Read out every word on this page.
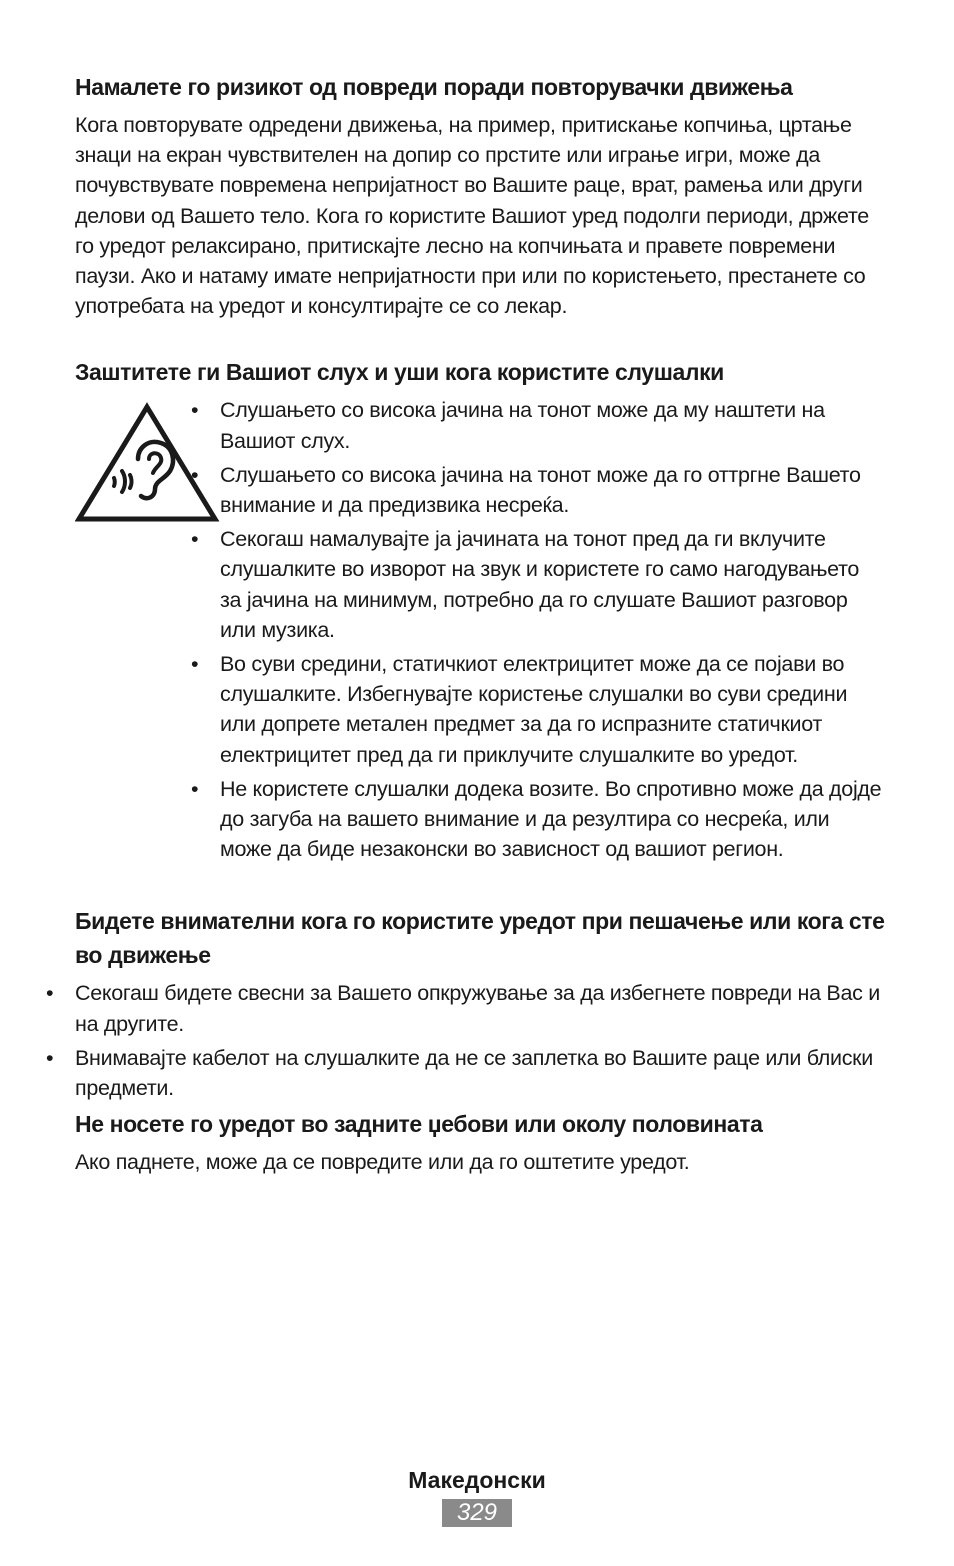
Намалете го ризикот од повреди поради повторувачки движења

Кога повторувате одредени движења, на пример, притискање копчиња, цртање знаци на екран чувствителен на допир со прстите или играње игри, може да почувствувате повремена непријатност во Вашите раце, врат, рамења или други делови од Вашето тело. Кога го користите Вашиот уред подолги периоди, држете го уредот релаксирано, притискајте лесно на копчињата и правете повремени паузи. Ако и натаму имате непријатности при или по користењето, престанете со употребата на уредот и консултирајте се со лекар.

Заштитете ги Вашиот слух и уши кога користите слушалки
• Слушањето со висока јачина на тонот може да му наштети на Вашиот слух.
• Слушањето со висока јачина на тонот може да го оттргне Вашето внимание и да предизвика несреќа.
• Секогаш намалувајте ја јачината на тонот пред да ги вклучите слушалките во изворот на звук и користете го само нагодувањето за јачина на минимум, потребно да го слушате Вашиот разговор или музика.
• Во суви средини, статичкиот електрицитет може да се појави во слушалките. Избегнувајте користење слушалки во суви средини или допрете метален предмет за да го испразните статичкиот електрицитет пред да ги приклучите слушалките во уредот.
• Не користете слушалки додека возите. Во спротивно може да дојде до загуба на вашето внимание и да резултира со несреќа, или може да биде незаконски во зависност од вашиот регион.
Бидете внимателни кога го користите уредот при пешачење или кога сте во движење
• Секогаш бидете свесни за Вашето опкружување за да избегнете повреди на Вас и на другите.
• Внимавајте кабелот на слушалките да не се заплетка во Вашите раце или блиски предмети.
Не носете го уредот во задните џебови или околу половината

Ако паднете, може да се повредите или да го оштетите уредот.

Македонски
329
